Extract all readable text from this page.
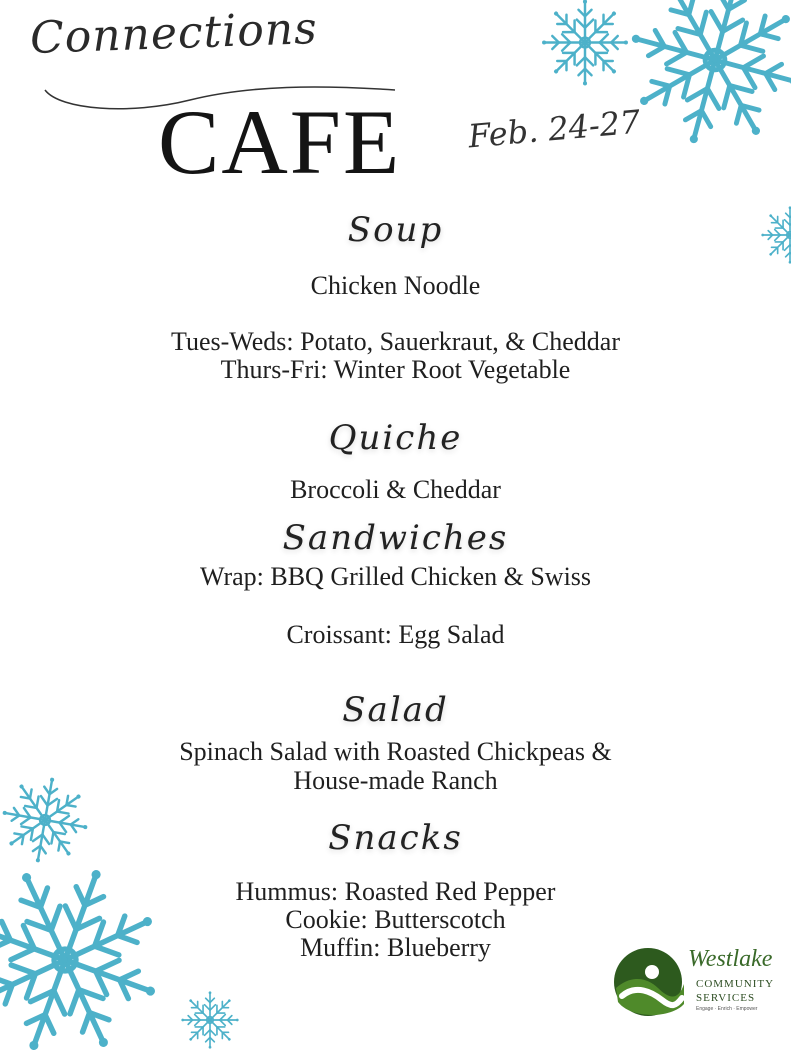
Connections
CAFE Feb. 24-27
Soup
Chicken Noodle
Tues-Weds: Potato, Sauerkraut, & Cheddar
Thurs-Fri: Winter Root Vegetable
Quiche
Broccoli & Cheddar
Sandwiches
Wrap: BBQ Grilled Chicken & Swiss
Croissant: Egg Salad
Salad
Spinach Salad with Roasted Chickpeas &
House-made Ranch
Snacks
Hummus: Roasted Red Pepper
Cookie: Butterscotch
Muffin: Blueberry	Westlake
COMMUNITY
SERVICES
Engage · Enrich · Empower
